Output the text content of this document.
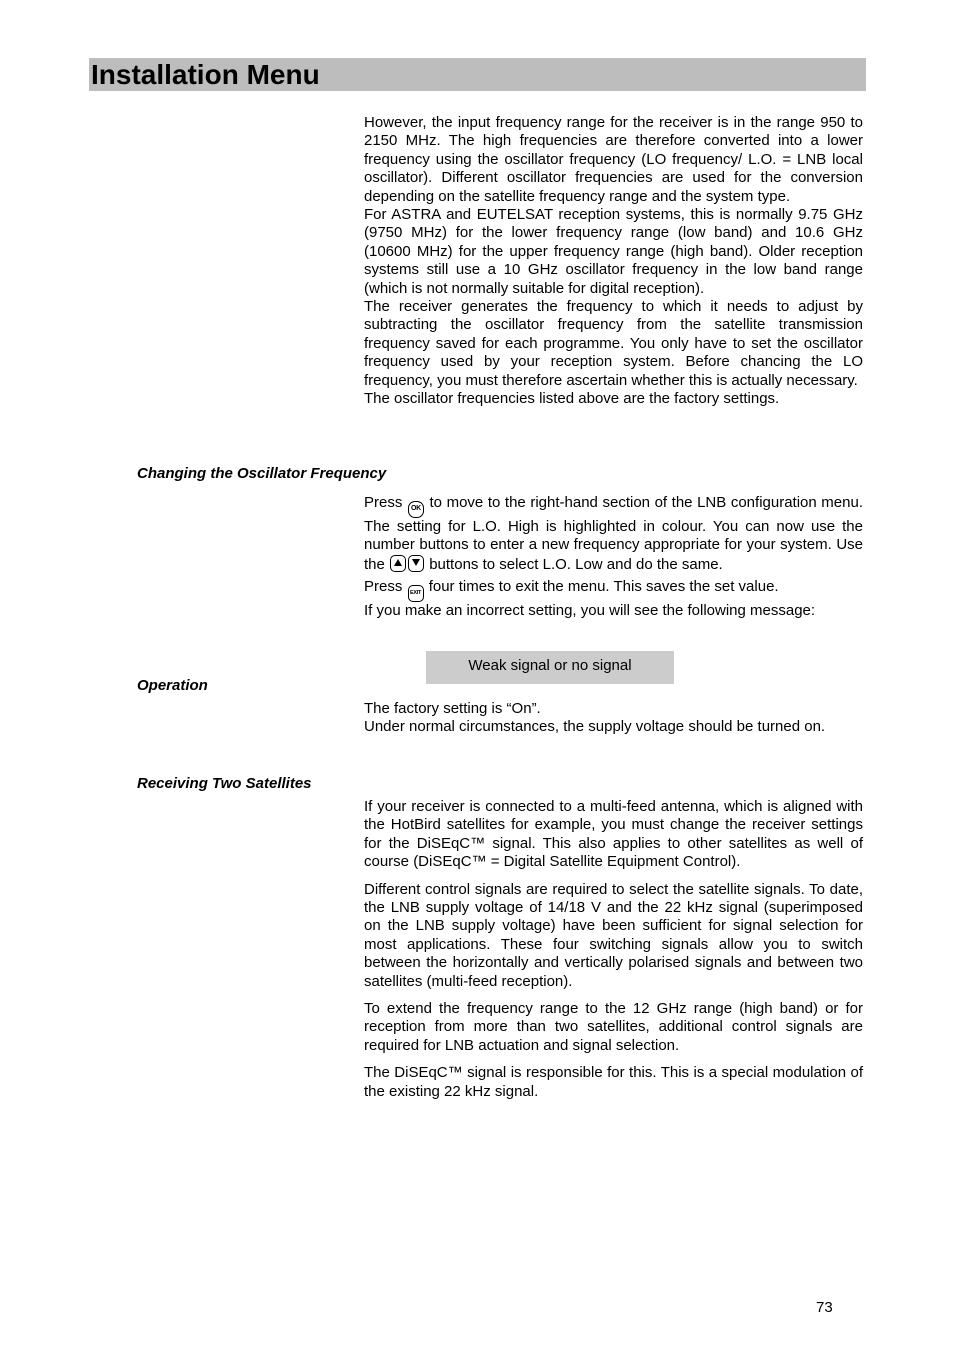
Installation Menu

However, the input frequency range for the receiver is in the range 950 to 2150 MHz. The high frequencies are therefore converted into a lower frequency using the oscillator frequency (LO frequency/ L.O. = LNB local oscillator). Different oscillator frequencies are used for the conversion depending on the satellite frequency range and the system type.

For ASTRA and EUTELSAT reception systems, this is normally 9.75 GHz (9750 MHz) for the lower frequency range (low band) and 10.6 GHz (10600 MHz) for the upper frequency range (high band). Older reception systems still use a 10 GHz oscillator frequency in the low band range (which is not normally suitable for digital reception).

The receiver generates the frequency to which it needs to adjust by subtracting the oscillator frequency from the satellite transmission frequency saved for each programme. You only have to set the oscillator frequency used by your reception system. Before chancing the LO frequency, you must therefore ascertain whether this is actually necessary.

The oscillator frequencies listed above are the factory settings.

Changing the Oscillator Frequency

Press OK to move to the right-hand section of the LNB configuration menu. The setting for L.O. High is highlighted in colour. You can now use the number buttons to enter a new frequency appropriate for your system. Use the	buttons to select L.O. Low and do the same.

Press EXIT four times to exit the menu. This saves the set value.

If you make an incorrect setting, you will see the following message:

Weak signal or no signal
Operation

The factory setting is “On”.

Under normal circumstances, the supply voltage should be turned on.

Receiving Two Satellites

If your receiver is connected to a multi-feed antenna, which is aligned with the HotBird satellites for example, you must change the receiver settings for the DiSEqC™ signal. This also applies to other satellites as well of course (DiSEqC™ = Digital Satellite Equipment Control).

Different control signals are required to select the satellite signals. To date, the LNB supply voltage of 14/18 V and the 22 kHz signal (superimposed on the LNB supply voltage) have been sufficient for signal selection for most applications. These four switching signals allow you to switch between the horizontally and vertically polarised signals and between two satellites (multi-feed reception).

To extend the frequency range to the 12 GHz range (high band) or for reception from more than two satellites, additional control signals are required for LNB actuation and signal selection.

The DiSEqC™ signal is responsible for this. This is a special modulation of the existing 22 kHz signal.

73
